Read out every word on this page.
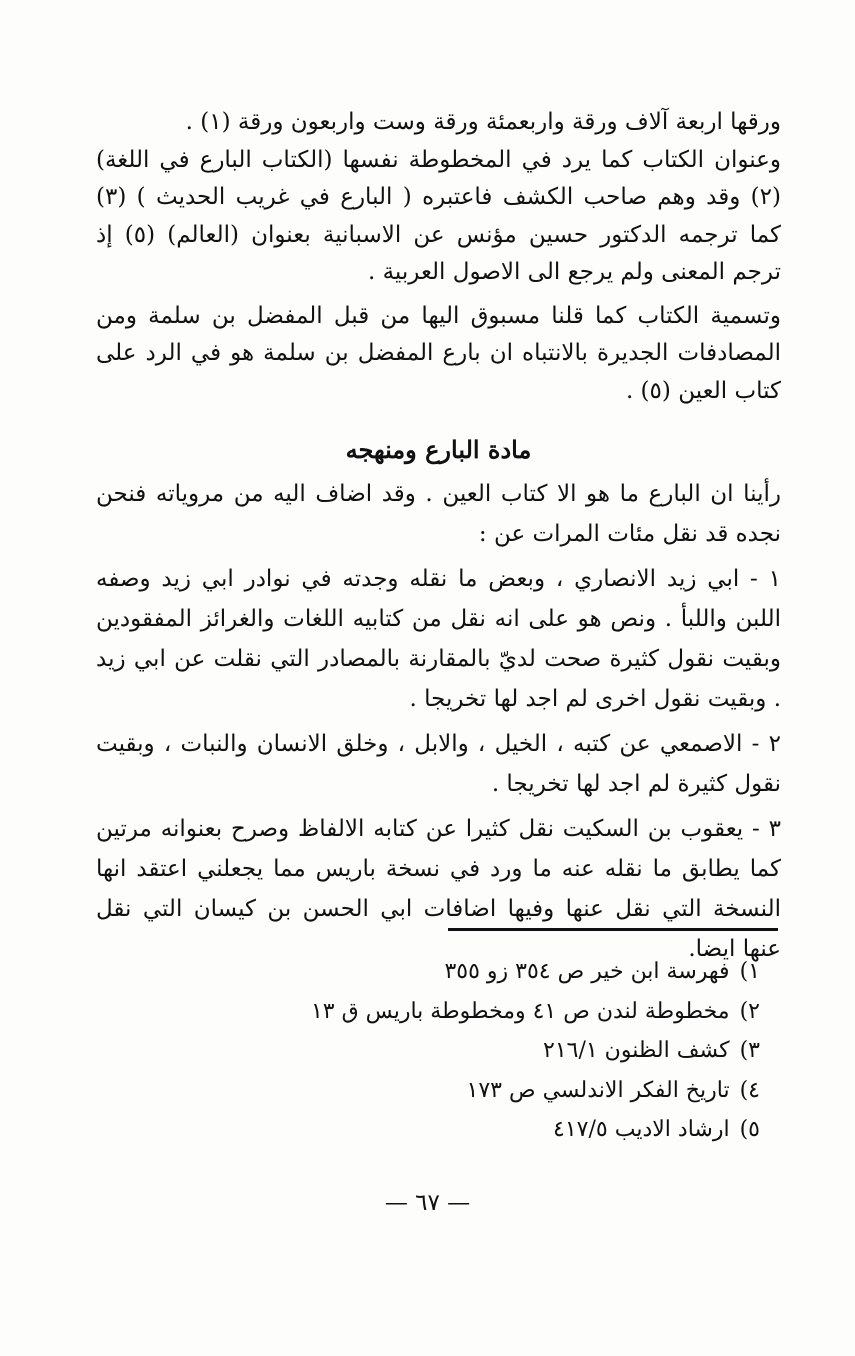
ورقها اربعة آلاف ورقة واربعمئة ورقة وست واربعون ورقة (١) .

وعنوان الكتاب كما يرد في المخطوطة نفسها (الكتاب البارع في اللغة)(٢) وقد وهم صاحب الكشف فاعتبره ( البارع في غريب الحديث ) (٣) كما ترجمه الدكتور حسين مؤنس عن الاسبانية بعنوان (العالم) (٥) إذ ترجم المعنى ولم يرجع الى الاصول العربية .

وتسمية الكتاب كما قلنا مسبوق اليها من قبل المفضل بن سلمة ومن المصادفات الجديرة بالانتباه ان بارع المفضل بن سلمة هو في الرد على كتاب العين (٥) .

مادة البارع ومنهجه

رأينا ان البارع ما هو الا كتاب العين . وقد اضاف اليه من مروياته فنحن نجده قد نقل مئات المرات عن :

١ - ابي زيد الانصاري ، وبعض ما نقله وجدته في نوادر ابي زيد وصفه اللبن واللبأ . ونص هو على انه نقل من كتابيه اللغات والغرائز المفقودين وبقيت نقول كثيرة صحت لديّ بالمقارنة بالمصادر التي نقلت عن ابي زيد . وبقيت نقول اخرى لم اجد لها تخريجا .

٢ - الاصمعي عن كتبه ، الخيل ، والابل ، وخلق الانسان والنبات ، وبقيت نقول كثيرة لم اجد لها تخريجا .

٣ - يعقوب بن السكيت نقل كثيرا عن كتابه الالفاظ وصرح بعنوانه مرتين كما يطابق ما نقله عنه ما ورد في نسخة باريس مما يجعلني اعتقد انها النسخة التي نقل عنها وفيها اضافات ابي الحسن بن كيسان التي نقل عنها ايضا.

١)فهرسة ابن خير ص ٣٥٤ زو ٣٥٥
٢)مخطوطة لندن ص ٤١ ومخطوطة باريس ق ١٣
٣)كشف الظنون ٢١٦/١
٤)تاريخ الفكر الاندلسي ص ١٧٣
٥)ارشاد الاديب ٤١٧/٥

— ٦٧ —
